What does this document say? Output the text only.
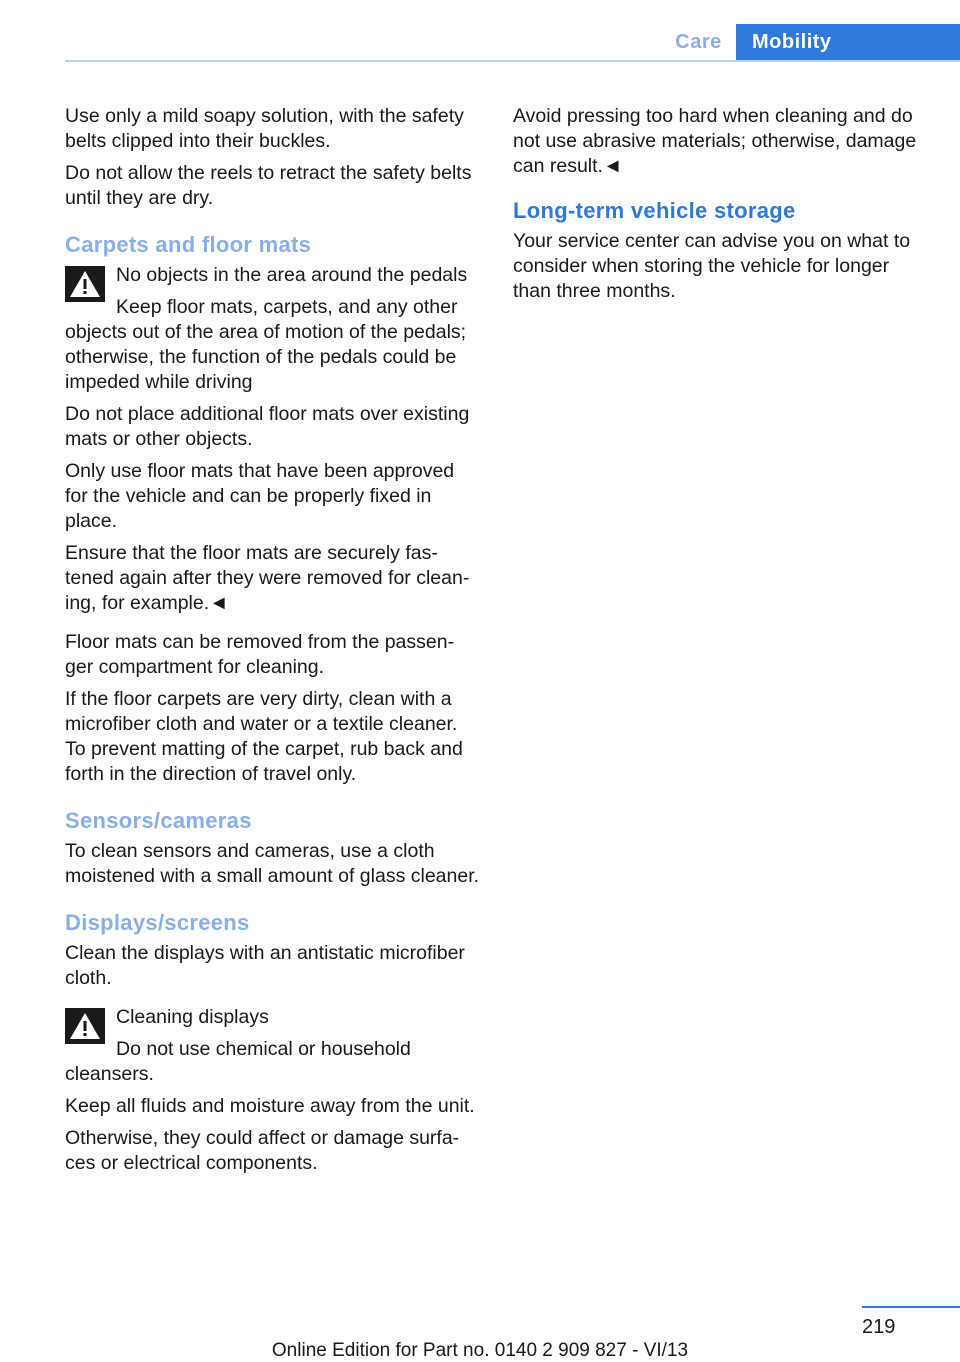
Care	Mobility

Use only a mild soapy solution, with the safety belts clipped into their buckles.

Do not allow the reels to retract the safety belts until they are dry.

Carpets and floor mats

No objects in the area around the pedals

Keep floor mats, carpets, and any other

objects out of the area of motion of the pedals; otherwise, the function of the pedals could be impeded while driving

Do not place additional floor mats over existing mats or other objects.

Only use floor mats that have been approved for the vehicle and can be properly fixed in place.

Ensure that the floor mats are securely fas-tened again after they were removed for clean-ing, for example.◄

Floor mats can be removed from the passen-ger compartment for cleaning.

If the floor carpets are very dirty, clean with a microfiber cloth and water or a textile cleaner. To prevent matting of the carpet, rub back and forth in the direction of travel only.

Sensors/cameras

To clean sensors and cameras, use a cloth moistened with a small amount of glass cleaner.

Displays/screens

Clean the displays with an antistatic microfiber cloth.

Cleaning displays

Do not use chemical or household

cleansers.

Keep all fluids and moisture away from the unit.

Otherwise, they could affect or damage surfa-ces or electrical components.

Avoid pressing too hard when cleaning and do not use abrasive materials; otherwise, damage can result.◄

Long-term vehicle storage

Your service center can advise you on what to consider when storing the vehicle for longer than three months.

219
Online Edition for Part no. 0140 2 909 827 - VI/13
